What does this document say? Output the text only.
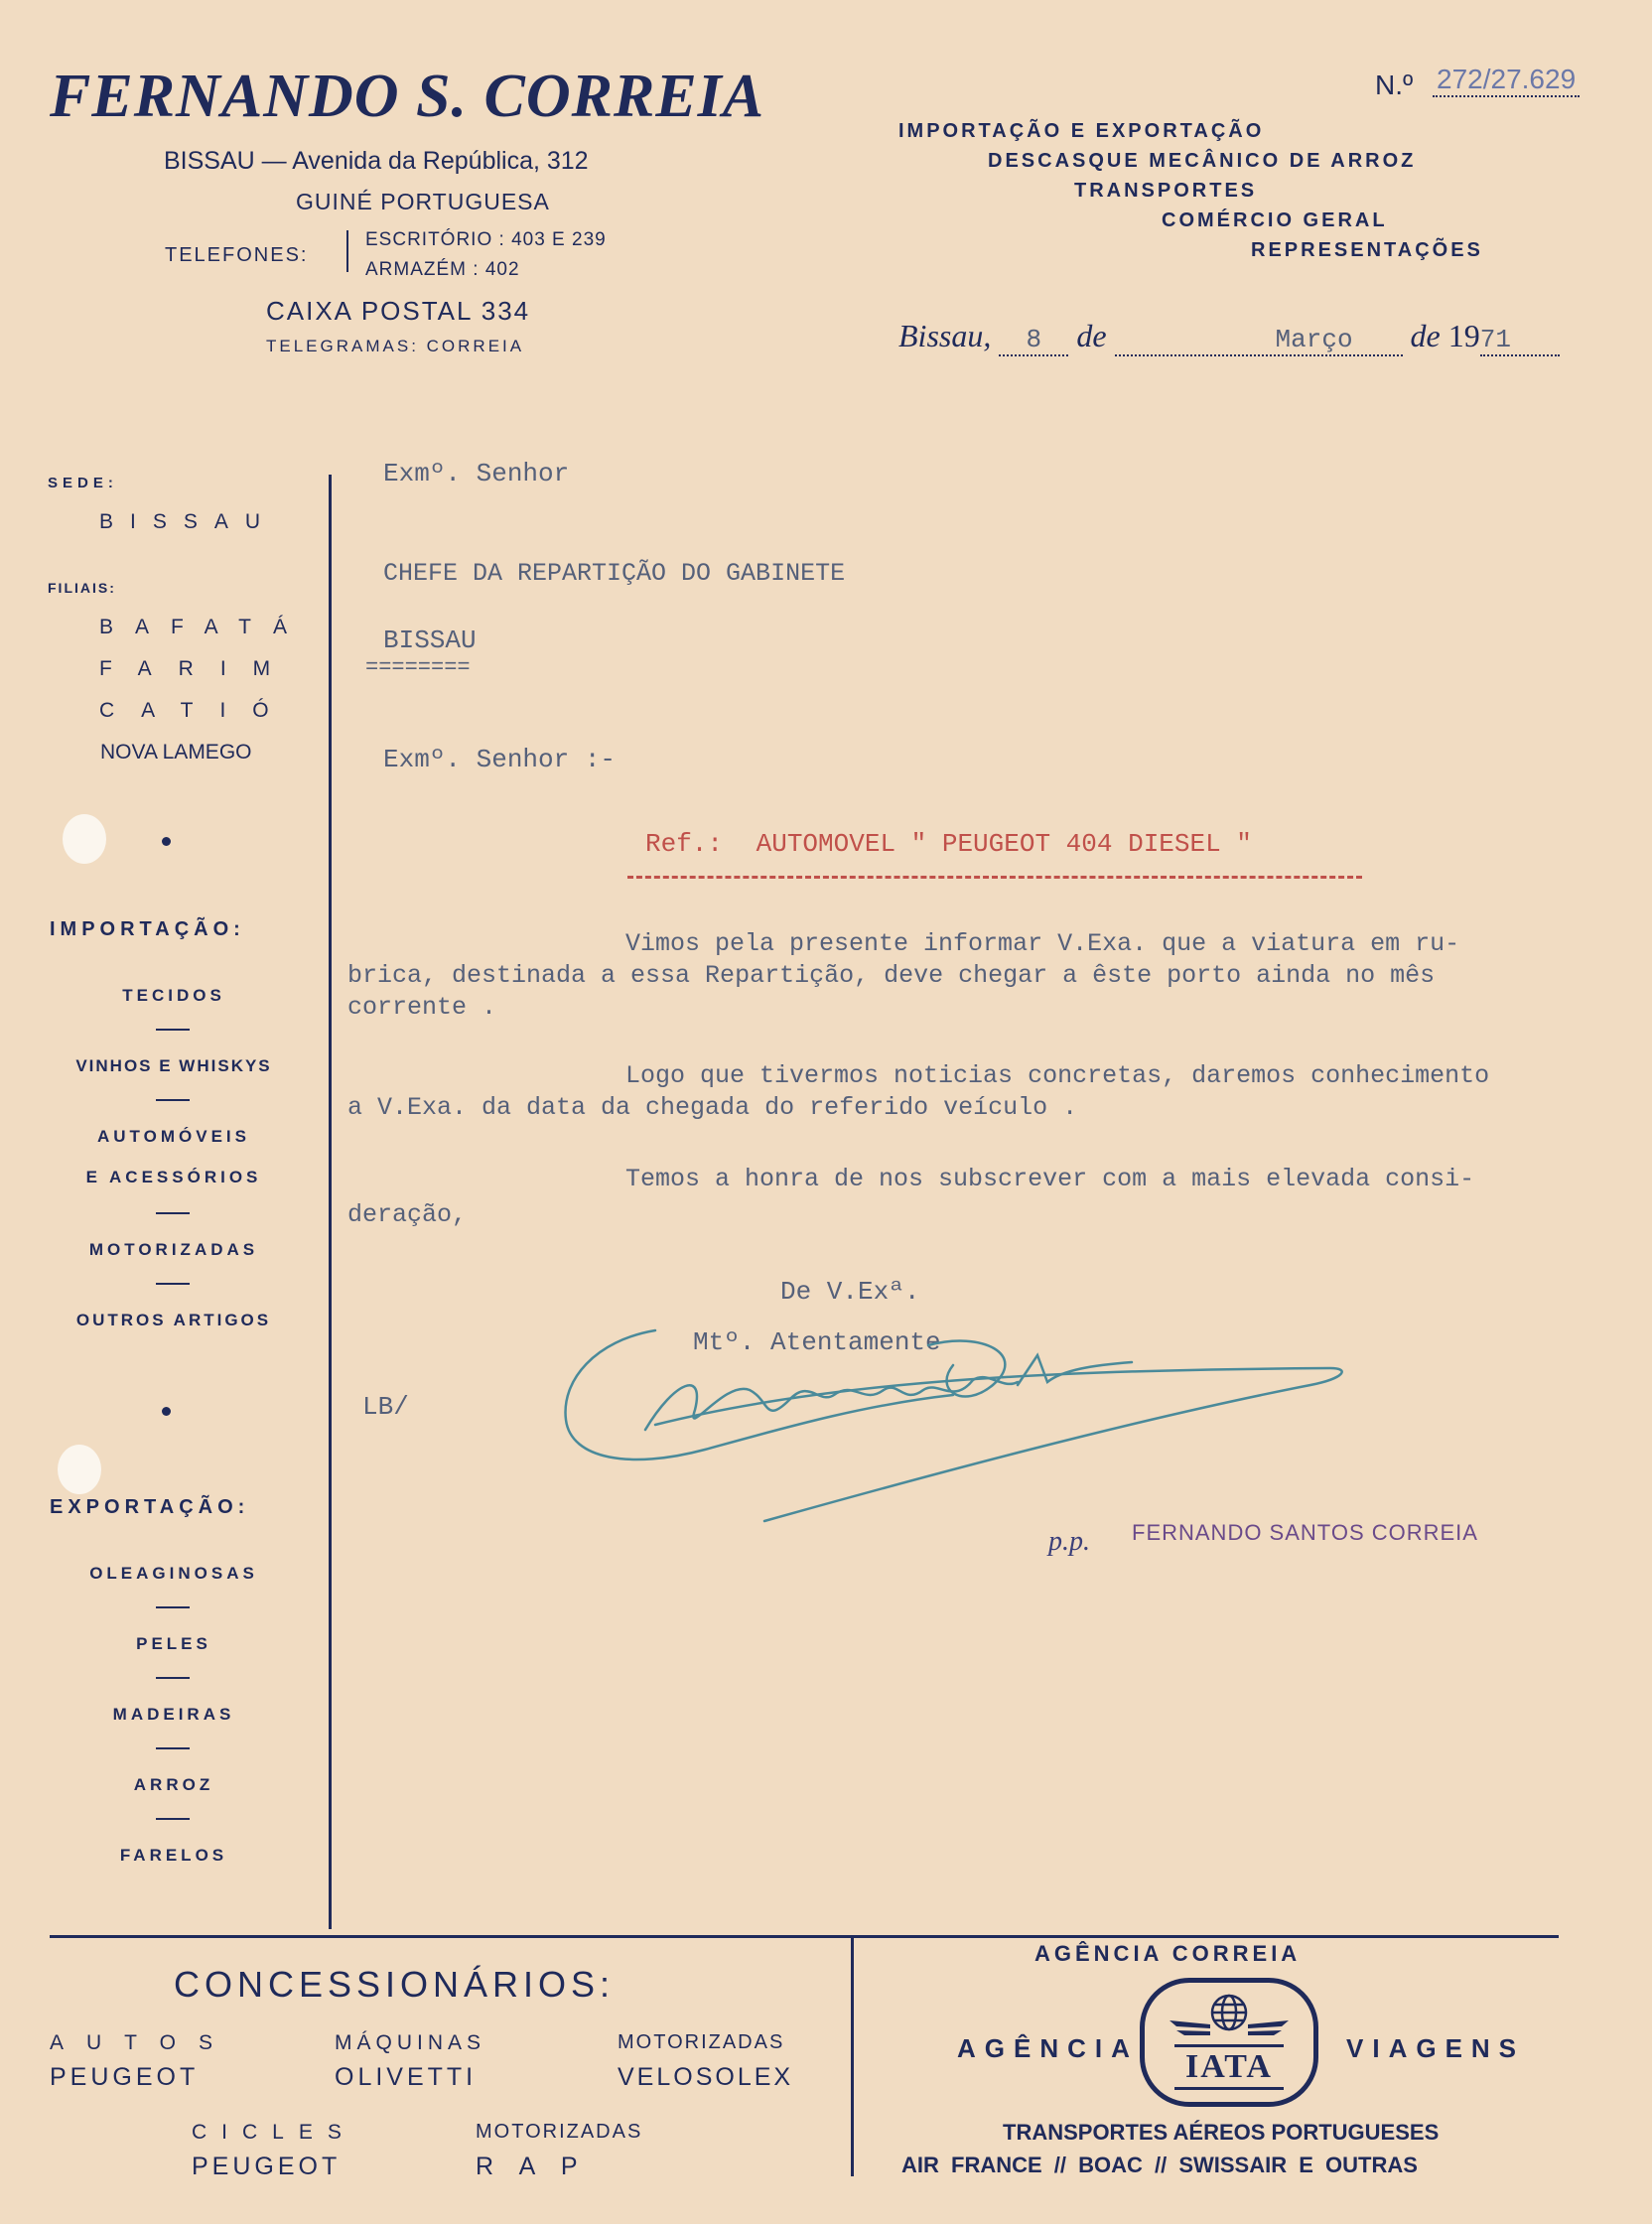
FERNANDO S. CORREIA
BISSAU — Avenida da República, 312
GUINÉ PORTUGUESA
TELEFONES:
ESCRITÓRIO : 403 E 239
ARMAZÉM : 402
CAIXA POSTAL 334
TELEGRAMAS: CORREIA
IMPORTAÇÃO E EXPORTAÇÃO
DESCASQUE MECÂNICO DE ARROZ
TRANSPORTES
COMÉRCIO GERAL
REPRESENTAÇÕES
N.º 272/27.629
Bissau, 8 de	Março de 1971
SEDE:
BISSAU
FILIAIS:
BAFATÁ
FARIM
CATIÓ
NOVA LAMEGO
IMPORTAÇÃO:
TECIDOS
VINHOS E WHISKYS
AUTOMÓVEIS
E ACESSÓRIOS
MOTORIZADAS
OUTROS ARTIGOS
EXPORTAÇÃO:
OLEAGINOSAS
PELES
MADEIRAS
ARROZ
FARELOS
Exmº. Senhor
CHEFE DA REPARTIÇÃO DO GABINETE
BISSAU
========
Exmº. Senhor :-
Ref.: AUTOMOVEL " PEUGEOT 404 DIESEL "
Vimos pela presente informar V.Exa. que a viatura em ru-
brica, destinada a essa Repartição, deve chegar a êste porto ainda no mês
corrente .
Logo que tivermos noticias concretas, daremos conhecimento
a V.Exa. da data da chegada do referido veículo .
Temos a honra de nos subscrever com a mais elevada consi-
deração,
De V.Exª.
Mtº. Atentamente
LB/
p.p. FERNANDO SANTOS CORREIA
CONCESSIONÁRIOS:
AUTOS
PEUGEOT
MÁQUINAS
OLIVETTI
MOTORIZADAS
VELOSOLEX
CICLES
PEUGEOT
MOTORIZADAS
R A P
AGÊNCIA CORREIA
AGÊNCIA	VIAGENS
IATA
TRANSPORTES AÉREOS PORTUGUESES
AIR FRANCE // BOAC // SWISSAIR E OUTRAS
